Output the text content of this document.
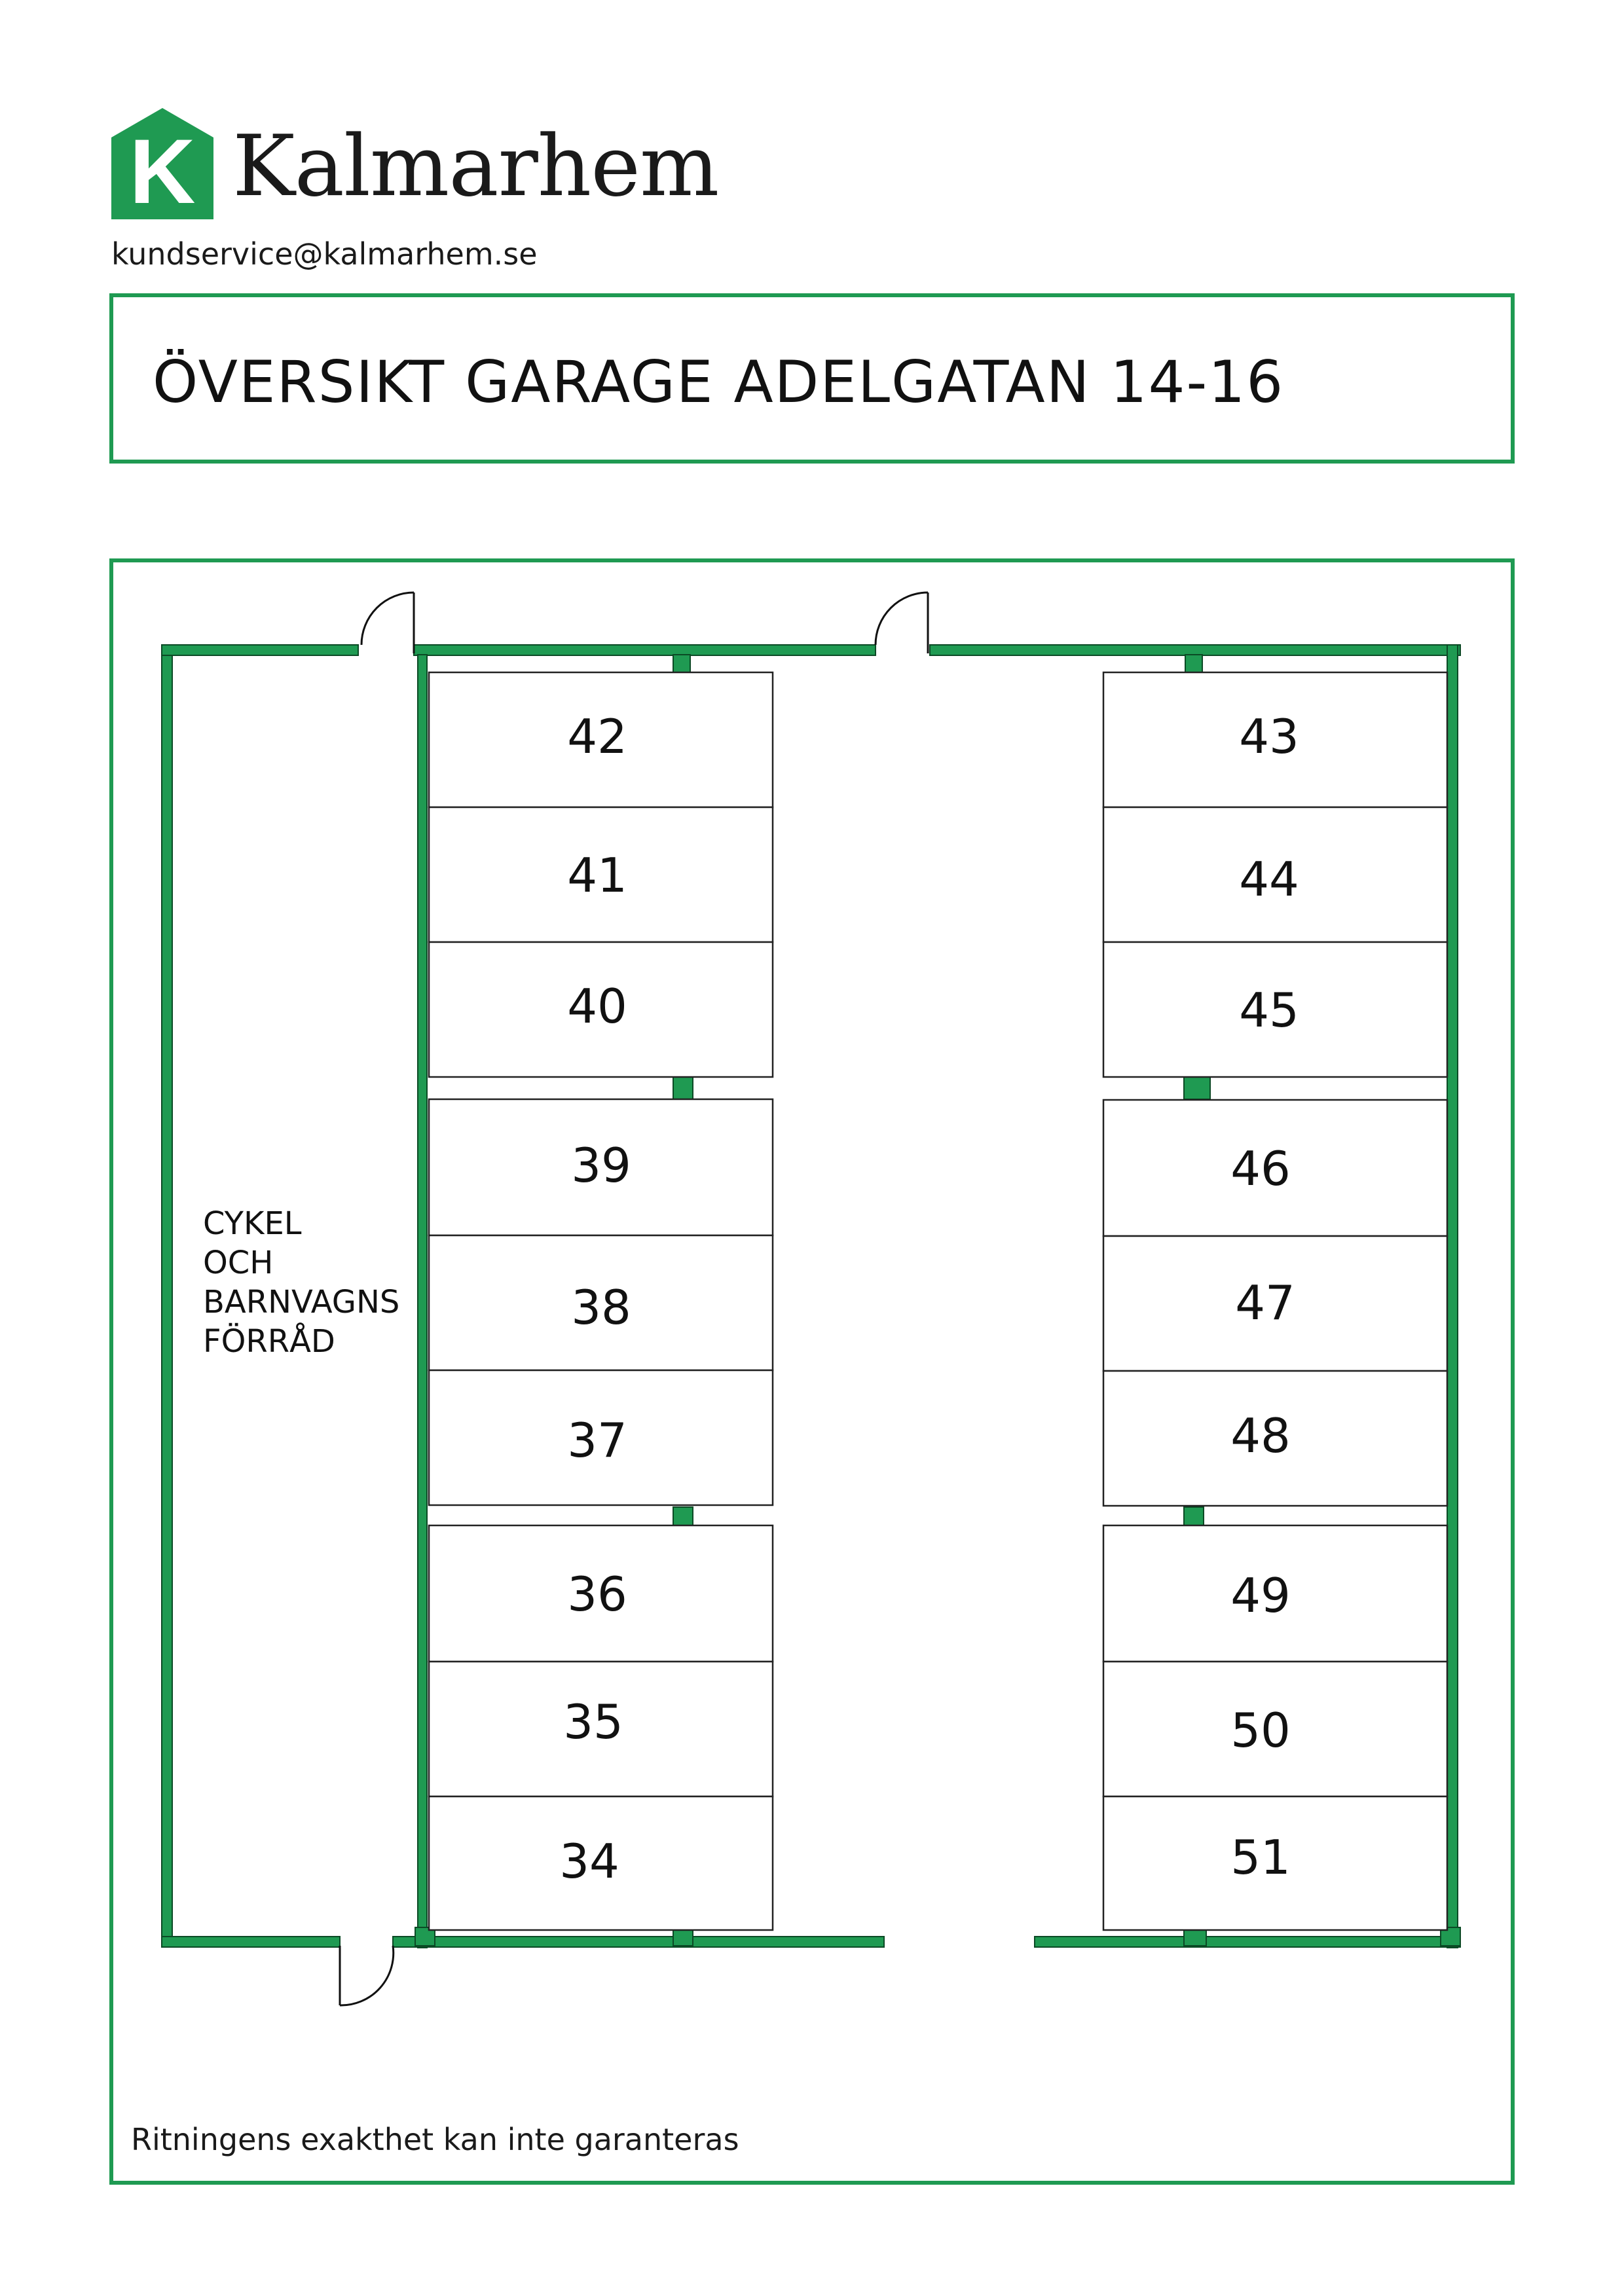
K Kalmarhem
kundservice@kalmarhem.se
ÖVERSIKT GARAGE ADELGATAN 14-16
CYKEL
OCH
BARNVAGNS
FÖRRÅD
42
41
40
39
38
37
36
35
34
43
44
45
46
47
48
49
50
51
Ritningens exakthet kan inte garanteras
